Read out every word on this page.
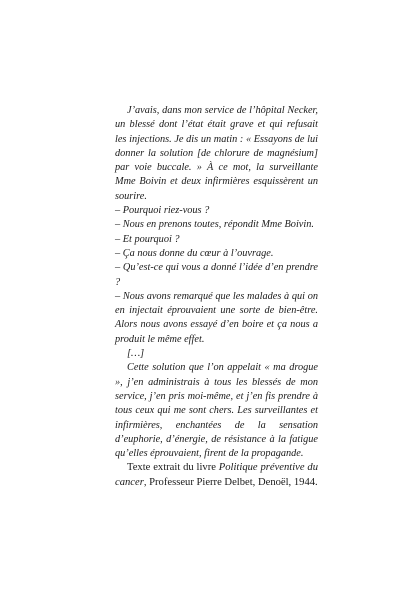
J’avais, dans mon service de l’hôpital Necker, un blessé dont l’état était grave et qui refusait les injections. Je dis un matin : « Essayons de lui donner la solution [de chlorure de magnésium] par voie buccale. » À ce mot, la surveillante Mme Boivin et deux infirmières esquissèrent un sourire.

– Pourquoi riez-vous ?

– Nous en prenons toutes, répondit Mme Boivin.

– Et pourquoi ?

– Ça nous donne du cœur à l’ouvrage.

– Qu’est-ce qui vous a donné l’idée d’en prendre ?

– Nous avons remarqué que les malades à qui on en injectait éprouvaient une sorte de bien-être. Alors nous avons essayé d’en boire et ça nous a produit le même effet.

[…]

Cette solution que l’on appelait « ma drogue », j’en administrais à tous les blessés de mon service, j’en pris moi-même, et j’en fis prendre à tous ceux qui me sont chers. Les surveillantes et infirmières, enchantées de la sensation d’euphorie, d’énergie, de résistance à la fatigue qu’elles éprouvaient, firent de la propagande.

Texte extrait du livre Politique préventive du cancer, Professeur Pierre Delbet, Denoël, 1944.
